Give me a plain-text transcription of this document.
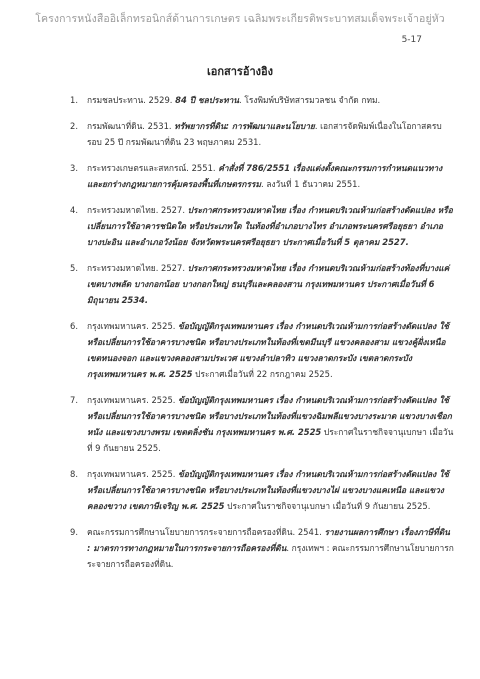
โครงการหนังสืออิเล็กทรอนิกส์ด้านการเกษตร เฉลิมพระเกียรติพระบาทสมเด็จพระเจ้าอยู่หัว
5-17
เอกสารอ้างอิง
1. กรมชลประทาน. 2529. 84 ปี ชลประทาน. โรงพิมพ์บริษัทสารมวลชน จำกัด กทม.
2. กรมพัฒนาที่ดิน. 2531. ทรัพยากรที่ดิน: การพัฒนาและนโยบาย. เอกสารจัดพิมพ์เนื่องในโอกาสครบรอบ 25 ปี กรมพัฒนาที่ดิน 23 พฤษภาคม 2531.
3. กระทรวงเกษตรและสหกรณ์. 2551. คำสั่งที่ 786/2551 เรื่องแต่งตั้งคณะกรรมการกำหนดแนวทางและยกร่างกฎหมายการคุ้มครองพื้นที่เกษตรกรรม. ลงวันที่ 1 ธันวาคม 2551.
4. กระทรวงมหาดไทย. 2527. ประกาศกระทรวงมหาดไทย เรื่อง กำหนดบริเวณห้ามก่อสร้างดัดแปลง หรือเปลี่ยนการใช้อาคารชนิดใด หรือประเภทใด ในท้องที่อำเภอบางไทร อำเภอพระนครศรีอยุธยา อำเภอบางปะอิน และอำเภอวังน้อย จังหวัดพระนครศรีอยุธยา ประกาศเมื่อวันที่ 5 ตุลาคม 2527.
5. กระทรวงมหาดไทย. 2527. ประกาศกระทรวงมหาดไทย เรื่อง กำหนดบริเวณห้ามก่อสร้างท้องที่บางแค่ เขตบางพลัด บางกอกน้อย บางกอกใหญ่ ธนบุรีและคลองสาน กรุงเทพมหานคร ประกาศเมื่อวันที่ 6 มิถุนายน 2534.
6. กรุงเทพมหานคร. 2525. ข้อบัญญัติกรุงเทพมหานคร เรื่อง กำหนดบริเวณห้ามการก่อสร้างดัดแปลง ใช้หรือเปลี่ยนการใช้อาคารบางชนิด หรือบางประเภทในท้องที่เขตมีนบุรี แขวงคลองสาม แขวงคู้ฝั่งเหนือ เขตหนองจอก และแขวงคลองสามประเวศ แขวงลำปลาทิว แขวงลาดกระบัง เขตลาดกระบัง กรุงเทพมหานคร พ.ศ. 2525 ประกาศเมื่อวันที่ 22 กรกฎาคม 2525.
7. กรุงเทพมหานคร. 2525. ข้อบัญญัติกรุงเทพมหานคร เรื่อง กำหนดบริเวณห้ามการก่อสร้างดัดแปลง ใช้หรือเปลี่ยนการใช้อาคารบางชนิด หรือบางประเภทในท้องที่แขวงฉิมพลีแขวงบางระมาด แขวงบางเชือกหนัง และแขวงบางพรม เขตตลิ่งชัน กรุงเทพมหานคร พ.ศ. 2525 ประกาศในราชกิจจานุเบกษา เมื่อวันที่ 9 กันยายน 2525.
8. กรุงเทพมหานคร. 2525. ข้อบัญญัติกรุงเทพมหานคร เรื่อง กำหนดบริเวณห้ามการก่อสร้างดัดแปลง ใช้หรือเปลี่ยนการใช้อาคารบางชนิด หรือบางประเภทในท้องที่แขวงบางไผ่ แขวงบางแคเหนือ และแขวงคลองขวาง เขตภาษีเจริญ พ.ศ. 2525 ประกาศในราชกิจจานุเบกษา เมื่อวันที่ 9 กันยายน 2525.
9. คณะกรรมการศึกษานโยบายการกระจายการถือครองที่ดิน. 2541. รายงานผลการศึกษา เรื่องภาษีที่ดิน : มาตรการทางกฎหมายในการกระจายการถือครองที่ดิน. กรุงเทพฯ : คณะกรรมการศึกษานโยบายการกระจายการถือครองที่ดิน.
